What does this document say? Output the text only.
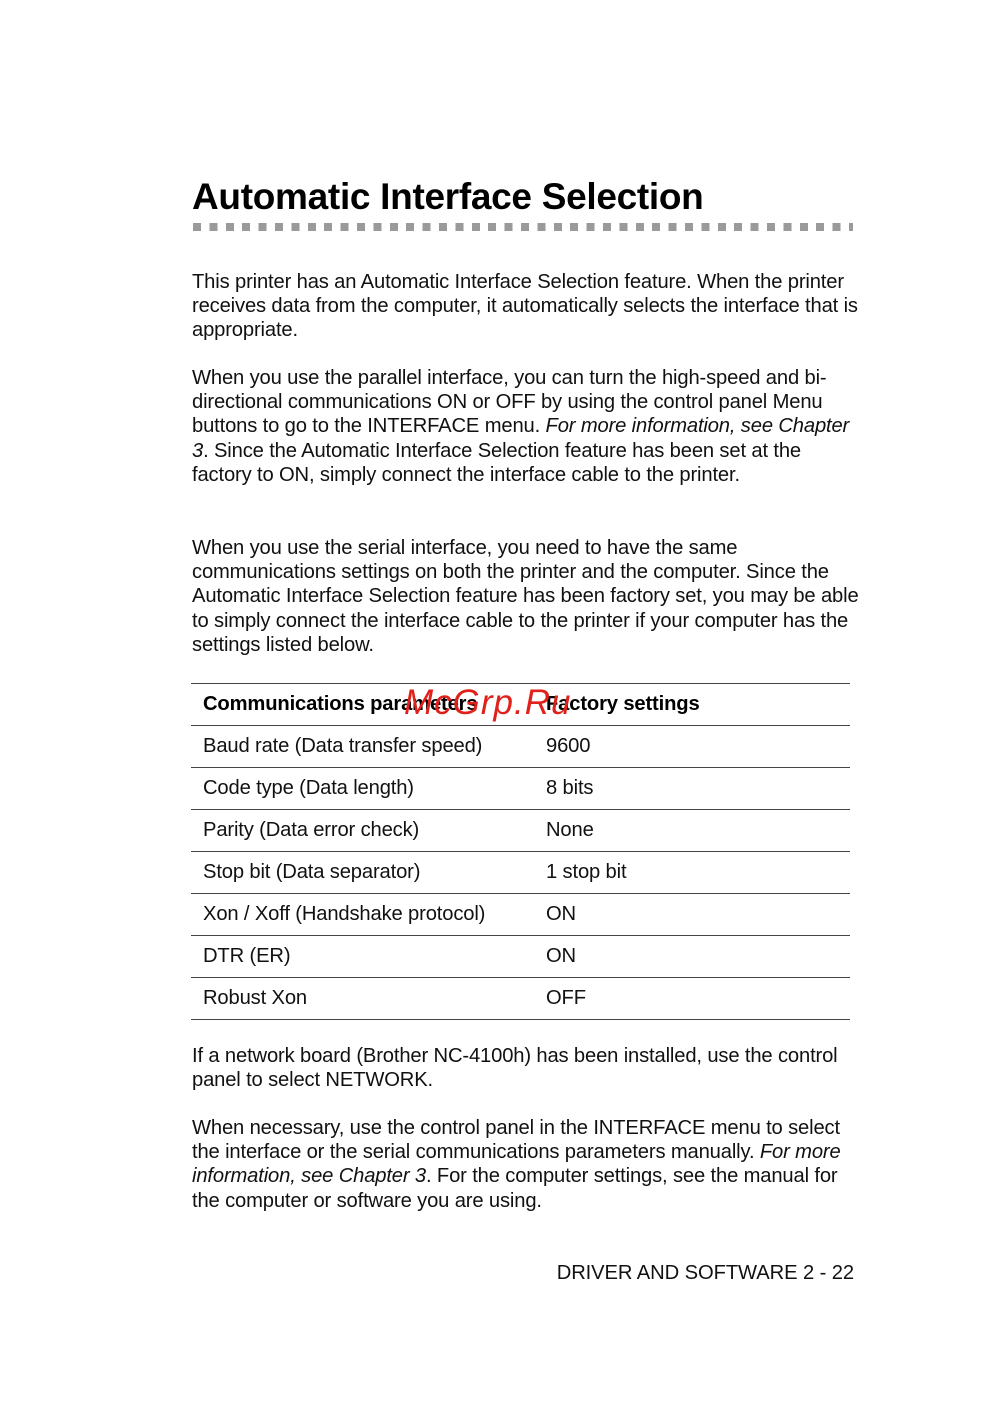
Automatic Interface Selection

This printer has an Automatic Interface Selection feature. When the printer receives data from the computer, it automatically selects the interface that is appropriate.

When you use the parallel interface, you can turn the high-speed and bi-directional communications ON or OFF by using the control panel Menu buttons to go to the INTERFACE menu. For more information, see Chapter 3. Since the Automatic Interface Selection feature has been set at the factory to ON, simply connect the interface cable to the printer.

When you use the serial interface, you need to have the same communications settings on both the printer and the computer. Since the Automatic Interface Selection feature has been factory set, you may be able to simply connect the interface cable to the printer if your computer has the settings listed below.

Communications parameters	Factory settings
Baud rate (Data transfer speed)	9600
Code type (Data length)	8 bits
Parity (Data error check)	None
Stop bit (Data separator)	1 stop bit
Xon / Xoff (Handshake protocol)	ON
DTR (ER)	ON
Robust Xon	OFF
McGrp.Ru

If a network board (Brother NC-4100h) has been installed, use the control panel to select NETWORK.

When necessary, use the control panel in the INTERFACE menu to select the interface or the serial communications parameters manually. For more information, see Chapter 3. For the computer settings, see the manual for the computer or software you are using.

DRIVER AND SOFTWARE 2 - 22
